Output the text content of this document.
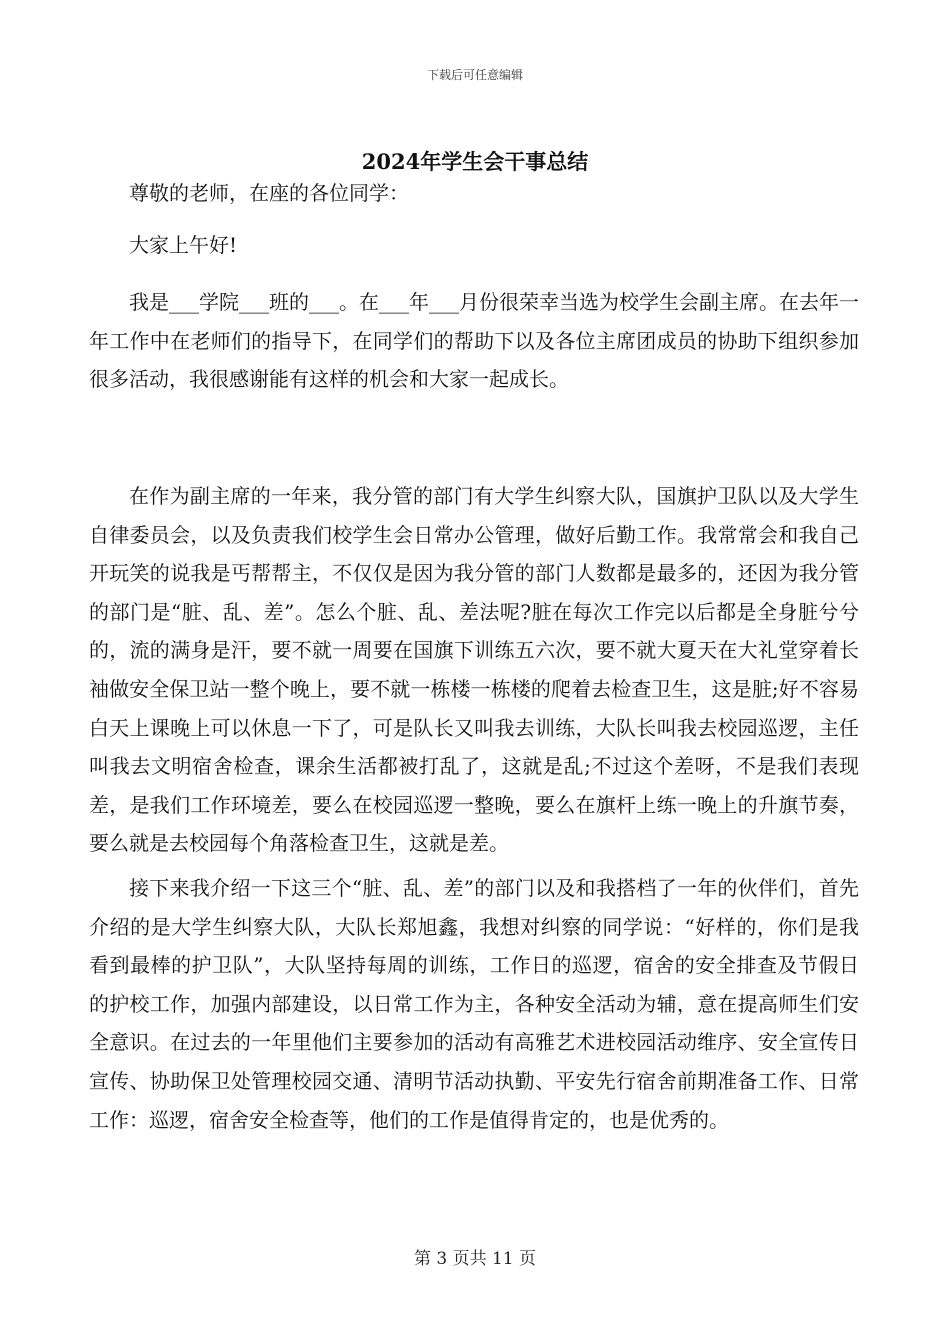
下载后可任意编辑
2024年学生会干事总结

尊敬的老师，在座的各位同学：

大家上午好!

我是___学院___班的___。在___年___月份很荣幸当选为校学生会副主席。在去年一年工作中在老师们的指导下，在同学们的帮助下以及各位主席团成员的协助下组织参加很多活动，我很感谢能有这样的机会和大家一起成长。

在作为副主席的一年来，我分管的部门有大学生纠察大队，国旗护卫队以及大学生自律委员会，以及负责我们校学生会日常办公管理，做好后勤工作。我常常会和我自己开玩笑的说我是丐帮帮主，不仅仅是因为我分管的部门人数都是最多的，还因为我分管的部门是“脏、乱、差”。怎么个脏、乱、差法呢?脏在每次工作完以后都是全身脏兮兮的，流的满身是汗，要不就一周要在国旗下训练五六次，要不就大夏天在大礼堂穿着长袖做安全保卫站一整个晚上，要不就一栋楼一栋楼的爬着去检查卫生，这是脏;好不容易白天上课晚上可以休息一下了，可是队长又叫我去训练，大队长叫我去校园巡逻，主任叫我去文明宿舍检查，课余生活都被打乱了，这就是乱;不过这个差呀，不是我们表现差，是我们工作环境差，要么在校园巡逻一整晚，要么在旗杆上练一晚上的升旗节奏，要么就是去校园每个角落检查卫生，这就是差。

接下来我介绍一下这三个“脏、乱、差”的部门以及和我搭档了一年的伙伴们，首先介绍的是大学生纠察大队，大队长郑旭鑫，我想对纠察的同学说：“好样的，你们是我看到最棒的护卫队”，大队坚持每周的训练，工作日的巡逻，宿舍的安全排查及节假日的护校工作，加强内部建设，以日常工作为主，各种安全活动为辅，意在提高师生们安全意识。在过去的一年里他们主要参加的活动有高雅艺术进校园活动维序、安全宣传日宣传、协助保卫处管理校园交通、清明节活动执勤、平安先行宿舍前期准备工作、日常工作：巡逻，宿舍安全检查等，他们的工作是值得肯定的，也是优秀的。

第 3 页共 11 页
